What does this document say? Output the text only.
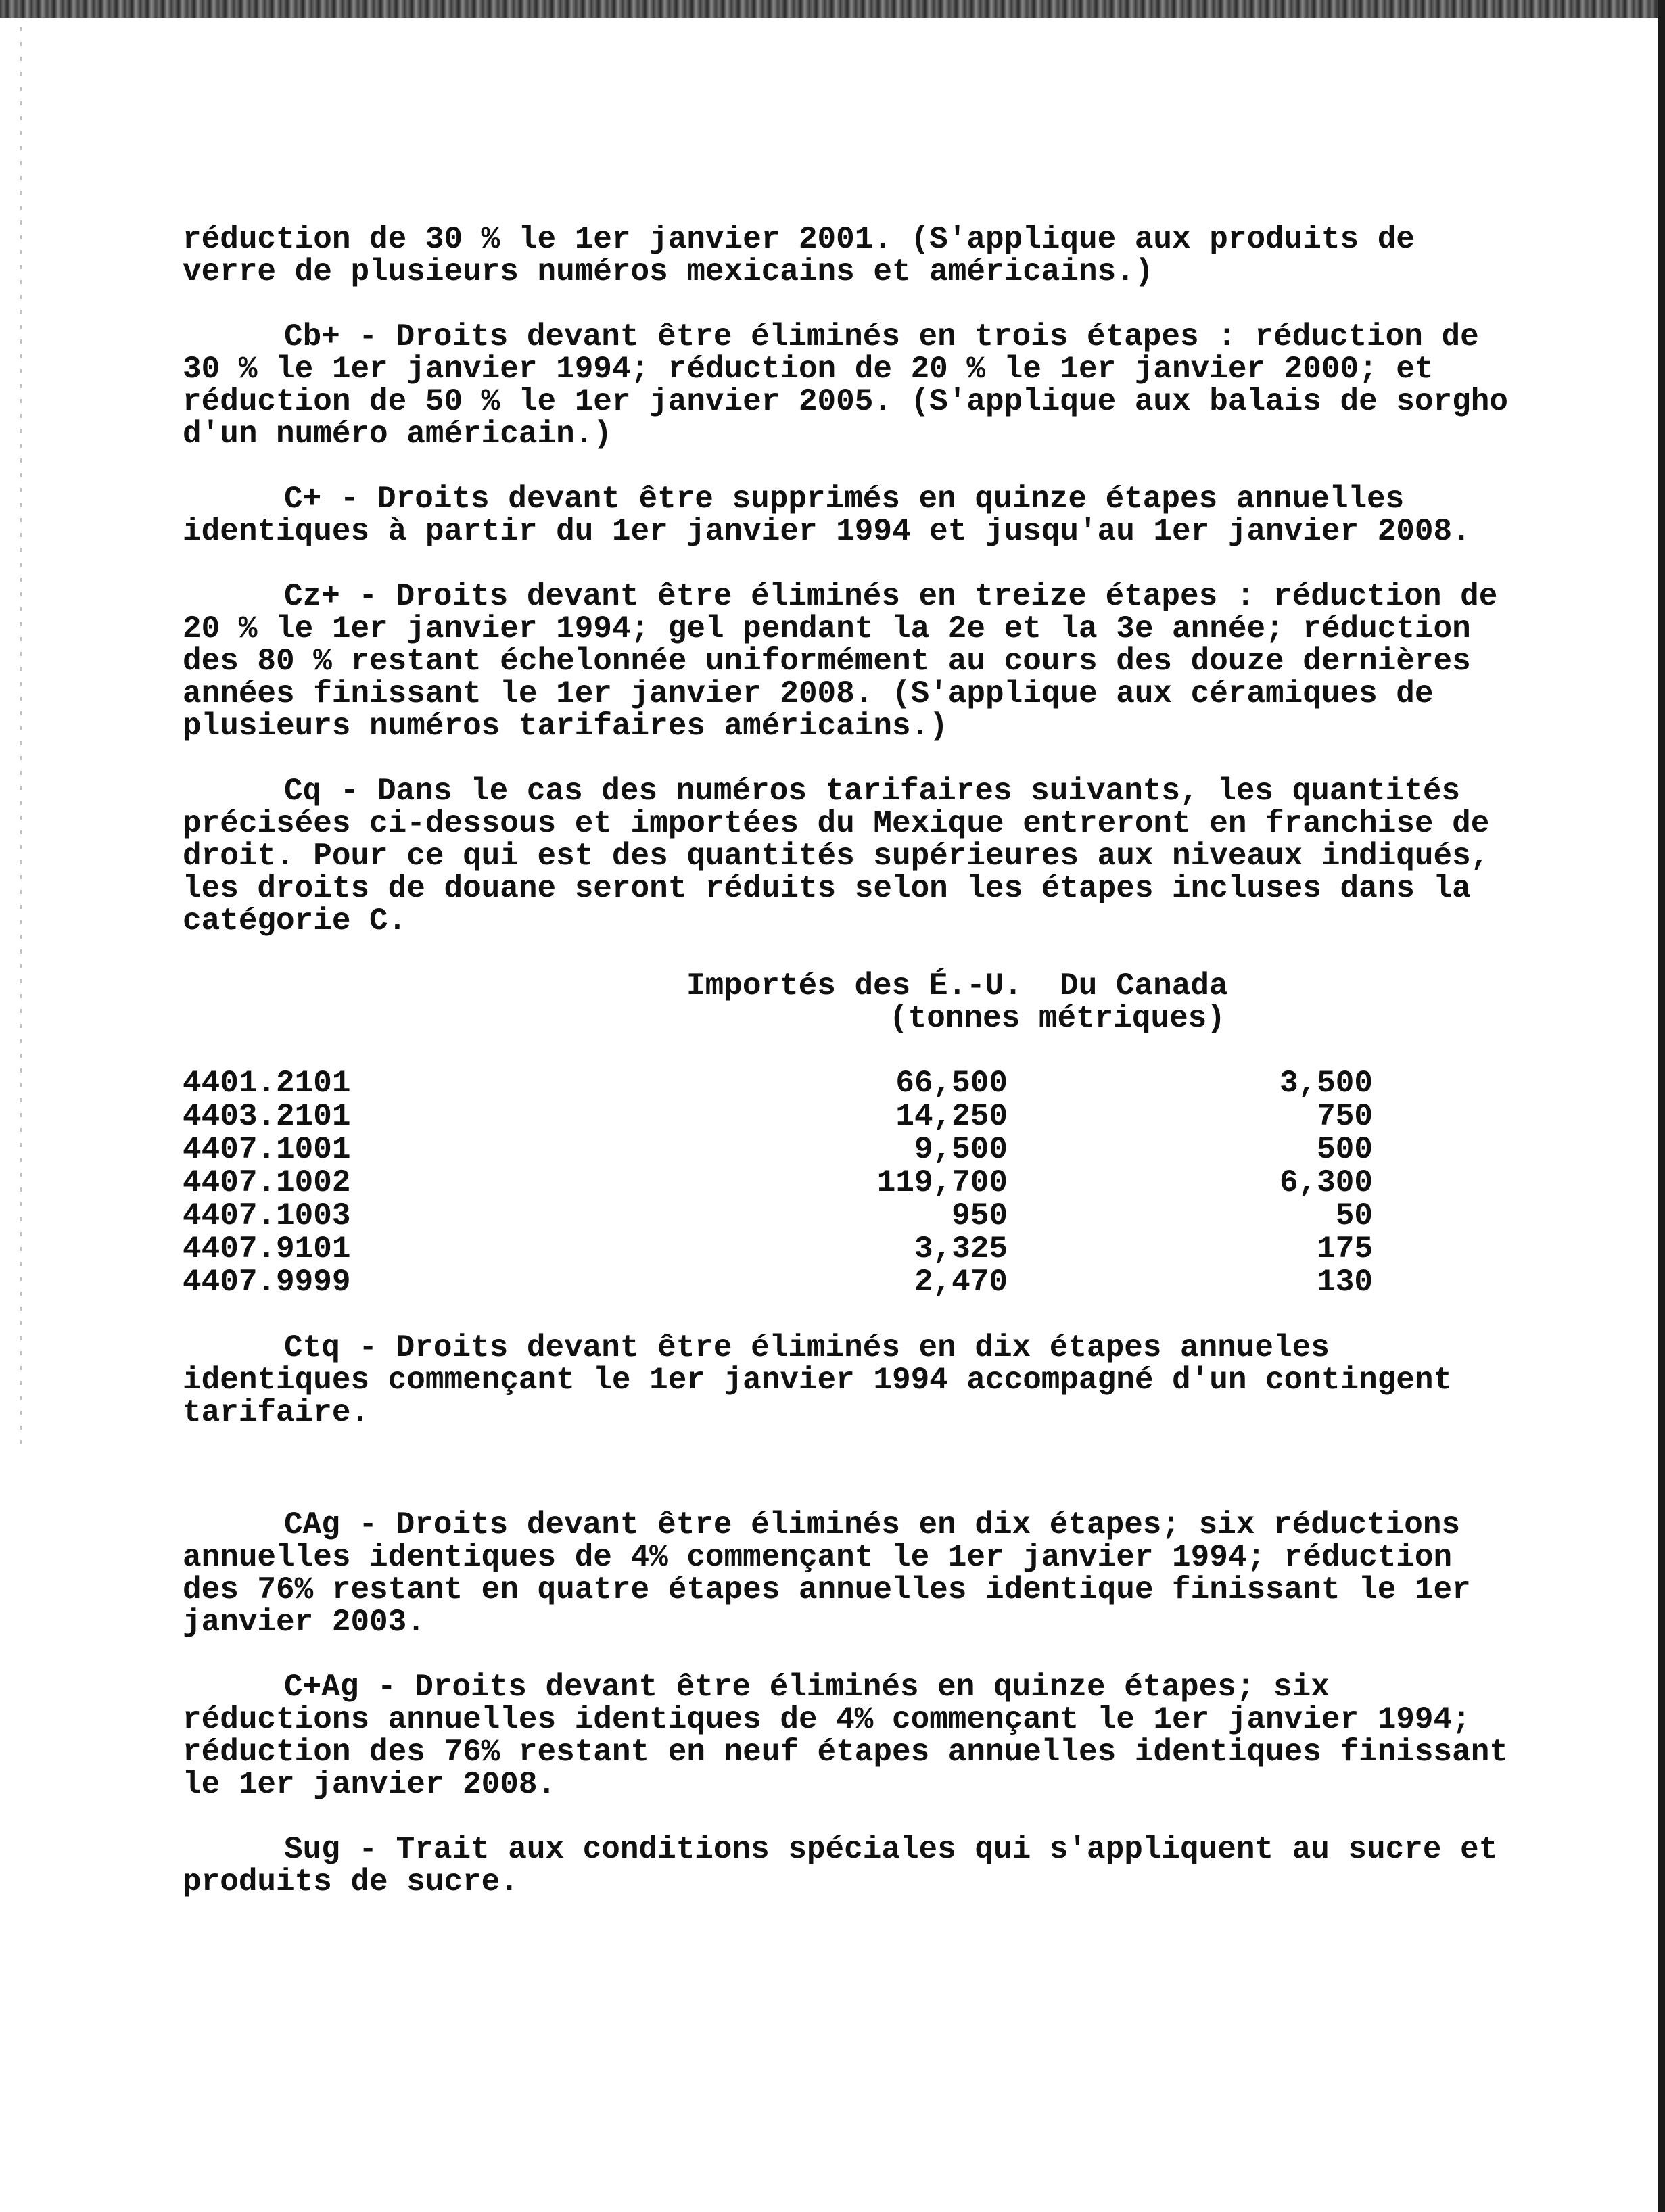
réduction de 30 % le 1er janvier 2001. (S'applique aux produits de verre de plusieurs numéros mexicains et américains.)

Cb+ - Droits devant être éliminés en trois étapes : réduction de 30 % le 1er janvier 1994; réduction de 20 % le 1er janvier 2000; et réduction de 50 % le 1er janvier 2005. (S'applique aux balais de sorgho d'un numéro américain.)

C+ - Droits devant être supprimés en quinze étapes annuelles identiques à partir du 1er janvier 1994 et jusqu'au 1er janvier 2008.

Cz+ - Droits devant être éliminés en treize étapes : réduction de 20 % le 1er janvier 1994; gel pendant la 2e et la 3e année; réduction des 80 % restant échelonnée uniformément au cours des douze dernières années finissant le 1er janvier 2008. (S'applique aux céramiques de plusieurs numéros tarifaires américains.)

Cq - Dans le cas des numéros tarifaires suivants, les quantités précisées ci-dessous et importées du Mexique entreront en franchise de droit. Pour ce qui est des quantités supérieures aux niveaux indiqués, les droits de douane seront réduits selon les étapes incluses dans la catégorie C.

Importés des É.-U. Du Canada
(tonnes métriques)
4401.2101	66,500	3,500
4403.2101	14,250	750
4407.1001	9,500	500
4407.1002	119,700	6,300
4407.1003	950	50
4407.9101	3,325	175
4407.9999	2,470	130

Ctq - Droits devant être éliminés en dix étapes annueles identiques commençant le 1er janvier 1994 accompagné d'un contingent tarifaire.

CAg - Droits devant être éliminés en dix étapes; six réductions annuelles identiques de 4% commençant le 1er janvier 1994; réduction des 76% restant en quatre étapes annuelles identique finissant le 1er janvier 2003.

C+Ag - Droits devant être éliminés en quinze étapes; six réductions annuelles identiques de 4% commençant le 1er janvier 1994; réduction des 76% restant en neuf étapes annuelles identiques finissant le 1er janvier 2008.

Sug - Trait aux conditions spéciales qui s'appliquent au sucre et produits de sucre.
